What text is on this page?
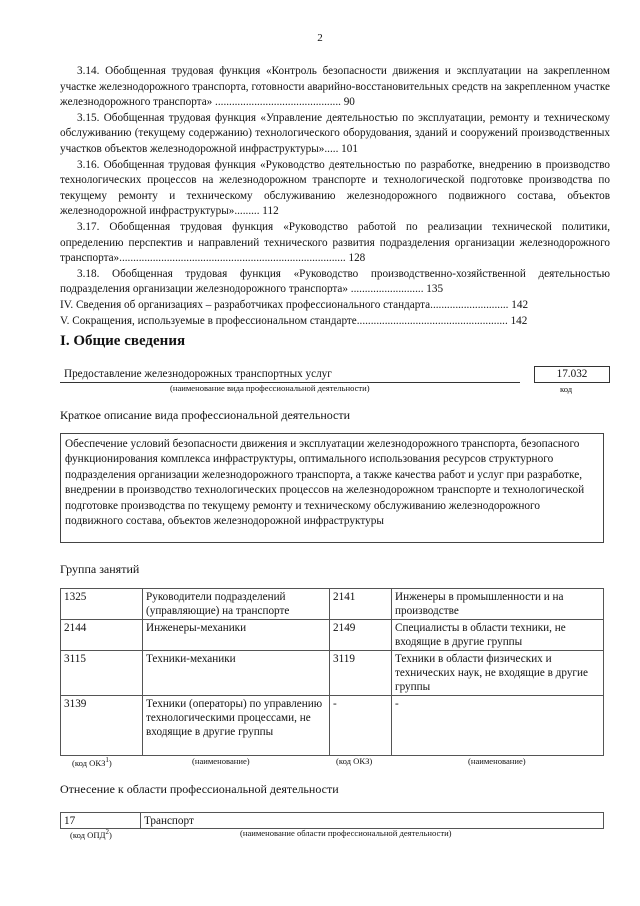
2
3.14. Обобщенная трудовая функция «Контроль безопасности движения и эксплуатации на закрепленном участке железнодорожного транспорта, готовности аварийно-восстановительных средств на закрепленном участке железнодорожного транспорта» ............................................. 90
3.15. Обобщенная трудовая функция «Управление деятельностью по эксплуатации, ремонту и техническому обслуживанию (текущему содержанию) технологического оборудования, зданий и сооружений производственных участков объектов железнодорожной инфраструктуры»..... 101
3.16. Обобщенная трудовая функция «Руководство деятельностью по разработке, внедрению в производство технологических процессов на железнодорожном транспорте и технологической подготовке производства по текущему ремонту и техническому обслуживанию железнодорожного подвижного состава, объектов железнодорожной инфраструктуры»......... 112
3.17. Обобщенная трудовая функция «Руководство работой по реализации технической политики, определению перспектив и направлений технического развития подразделения организации железнодорожного транспорта»................................................................................. 128
3.18. Обобщенная трудовая функция «Руководство производственно-хозяйственной деятельностью подразделения организации железнодорожного транспорта» .......................... 135
IV. Сведения об организациях – разработчиках профессионального стандарта............................ 142
V. Сокращения, используемые в профессиональном стандарте...................................................... 142
I. Общие сведения
Предоставление железнодорожных транспортных услуг
(наименование вида профессиональной деятельности)
17.032
код
Краткое описание вида профессиональной деятельности
Обеспечение условий безопасности движения и эксплуатации железнодорожного транспорта, безопасного функционирования комплекса инфраструктуры, оптимального использования ресурсов структурного подразделения организации железнодорожного транспорта, а также качества работ и услуг при разработке, внедрении в производство технологических процессов на железнодорожном транспорте и технологической подготовке производства по текущему ремонту и техническому обслуживанию железнодорожного подвижного состава, объектов железнодорожной инфраструктуры
Группа занятий
1325	Руководители подразделений (управляющие) на транспорте	2141	Инженеры в промышленности и на производстве
2144	Инженеры-механики	2149	Специалисты в области техники, не входящие в другие группы
3115	Техники-механики	3119	Техники в области физических и технических наук, не входящие в другие группы
3139	Техники (операторы) по управлению технологическими процессами, не входящие в другие группы	-	-
(код ОКЗ$^1$)	(наименование)	(код ОКЗ)	(наименование)
Отнесение к области профессиональной деятельности
17	Транспорт
(код ОПД$^2$)	(наименование области профессиональной деятельности)
